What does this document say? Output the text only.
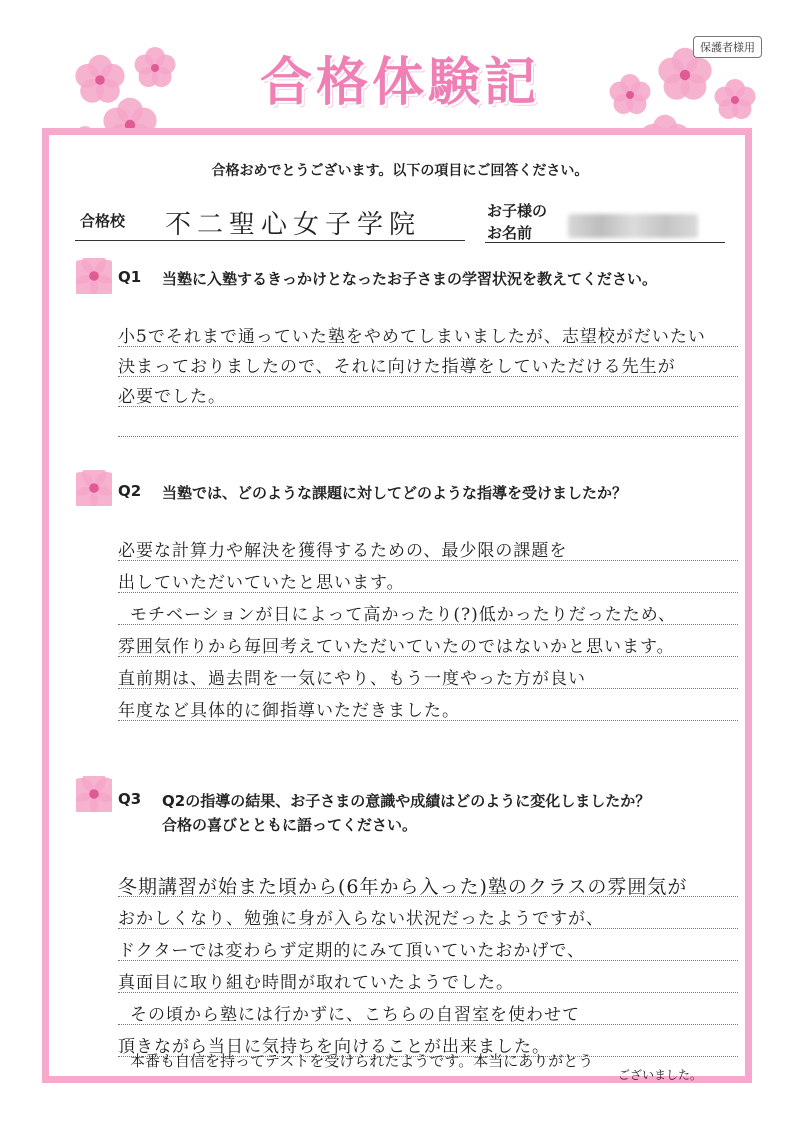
合格体験記
保護者様用
合格おめでとうございます。以下の項目にご回答ください。
合格校 不二聖心女子学院	お子様の
お名前
Q1 当塾に入塾するきっかけとなったお子さまの学習状況を教えてください。
小5でそれまで通っていた塾をやめてしまいましたが、志望校がだいたい
決まっておりましたので、それに向けた指導をしていただける先生が
必要でした。
Q2 当塾では、どのような課題に対してどのような指導を受けましたか？
必要な計算力や解決を獲得するための、最少限の課題を
出していただいていたと思います。
モチベーションが日によって高かったり(?)低かったりだったため、
雰囲気作りから毎回考えていただいていたのではないかと思います。
直前期は、過去問を一気にやり、もう一度やった方が良い
年度など具体的に御指導いただきました。
Q3 Q2の指導の結果、お子さまの意識や成績はどのように変化しましたか？
合格の喜びとともに語ってください。
冬期講習が始また頃から(6年から入った)塾のクラスの雰囲気が
おかしくなり、勉強に身が入らない状況だったようですが、
ドクターでは変わらず定期的にみて頂いていたおかげで、
真面目に取り組む時間が取れていたようでした。
その頃から塾には行かずに、こちらの自習室を使わせて
頂きながら当日に気持ちを向けることが出来ました。
本番も自信を持ってテストを受けられたようです。本当にありがとう
ございました。
